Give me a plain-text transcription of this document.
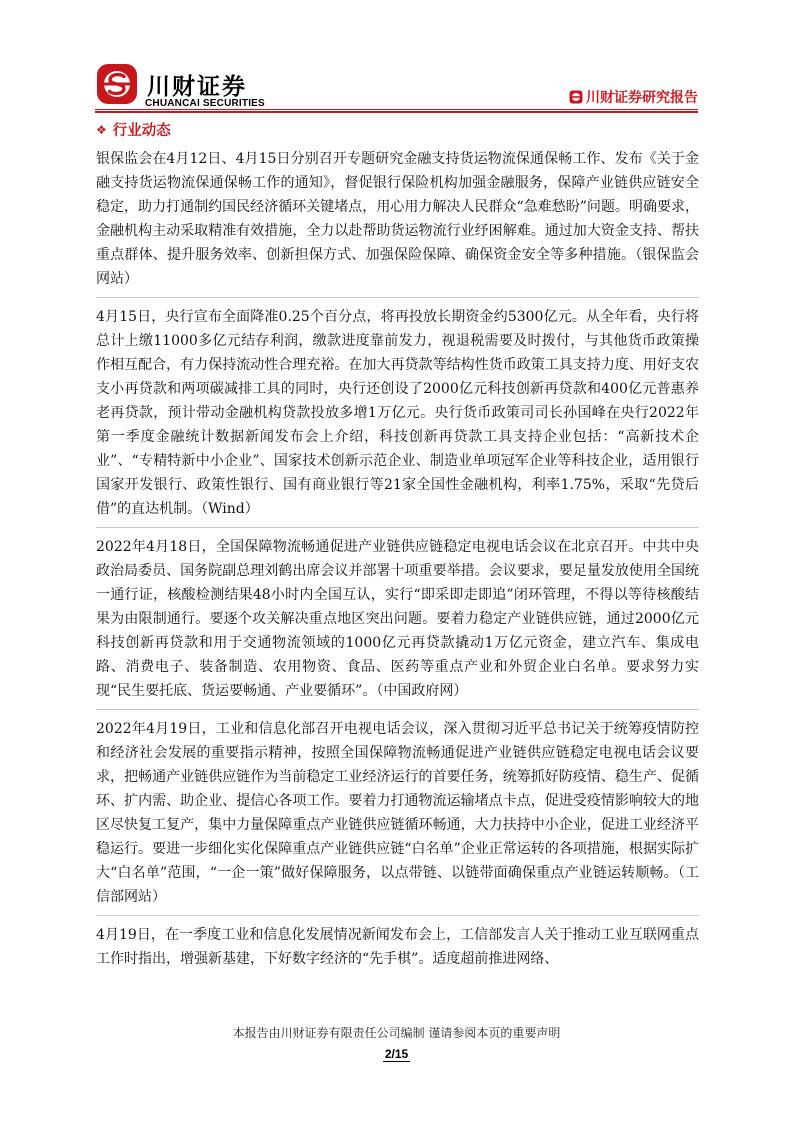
川财证券
CHUANCAI SECURITIES	川财证券研究报告
❖ 行业动态

银保监会在4月12日、4月15日分别召开专题研究金融支持货运物流保通保畅工作、发布《关于金融支持货运物流保通保畅工作的通知》，督促银行保险机构加强金融服务，保障产业链供应链安全稳定，助力打通制约国民经济循环关键堵点，用心用力解决人民群众“急难愁盼”问题。明确要求，金融机构主动采取精准有效措施，全力以赴帮助货运物流行业纾困解难。通过加大资金支持、帮扶重点群体、提升服务效率、创新担保方式、加强保险保障、确保资金安全等多种措施。（银保监会网站）

4月15日，央行宣布全面降准0.25个百分点，将再投放长期资金约5300亿元。从全年看，央行将总计上缴11000多亿元结存利润，缴款进度靠前发力，视退税需要及时拨付，与其他货币政策操作相互配合，有力保持流动性合理充裕。在加大再贷款等结构性货币政策工具支持力度、用好支农支小再贷款和两项碳减排工具的同时，央行还创设了2000亿元科技创新再贷款和400亿元普惠养老再贷款，预计带动金融机构贷款投放多增1万亿元。央行货币政策司司长孙国峰在央行2022年第一季度金融统计数据新闻发布会上介绍，科技创新再贷款工具支持企业包括：“高新技术企业”、“专精特新中小企业”、国家技术创新示范企业、制造业单项冠军企业等科技企业，适用银行国家开发银行、政策性银行、国有商业银行等21家全国性金融机构，利率1.75%，采取“先贷后借”的直达机制。（Wind）

2022年4月18日，全国保障物流畅通促进产业链供应链稳定电视电话会议在北京召开。中共中央政治局委员、国务院副总理刘鹤出席会议并部署十项重要举措。会议要求，要足量发放使用全国统一通行证，核酸检测结果48小时内全国互认，实行“即采即走即追”闭环管理，不得以等待核酸结果为由限制通行。要逐个攻关解决重点地区突出问题。要着力稳定产业链供应链，通过2000亿元科技创新再贷款和用于交通物流领域的1000亿元再贷款撬动1万亿元资金，建立汽车、集成电路、消费电子、装备制造、农用物资、食品、医药等重点产业和外贸企业白名单。要求努力实现“民生要托底、货运要畅通、产业要循环”。（中国政府网）

2022年4月19日，工业和信息化部召开电视电话会议，深入贯彻习近平总书记关于统筹疫情防控和经济社会发展的重要指示精神，按照全国保障物流畅通促进产业链供应链稳定电视电话会议要求，把畅通产业链供应链作为当前稳定工业经济运行的首要任务，统筹抓好防疫情、稳生产、促循环、扩内需、助企业、提信心各项工作。要着力打通物流运输堵点卡点，促进受疫情影响较大的地区尽快复工复产，集中力量保障重点产业链供应链循环畅通，大力扶持中小企业，促进工业经济平稳运行。要进一步细化实化保障重点产业链供应链“白名单”企业正常运转的各项措施，根据实际扩大“白名单”范围，“一企一策”做好保障服务，以点带链、以链带面确保重点产业链运转顺畅。（工信部网站）

4月19日，在一季度工业和信息化发展情况新闻发布会上，工信部发言人关于推动工业互联网重点工作时指出，增强新基建，下好数字经济的“先手棋”。适度超前推进网络、

本报告由川财证券有限责任公司编制 谨请参阅本页的重要声明
2/15
